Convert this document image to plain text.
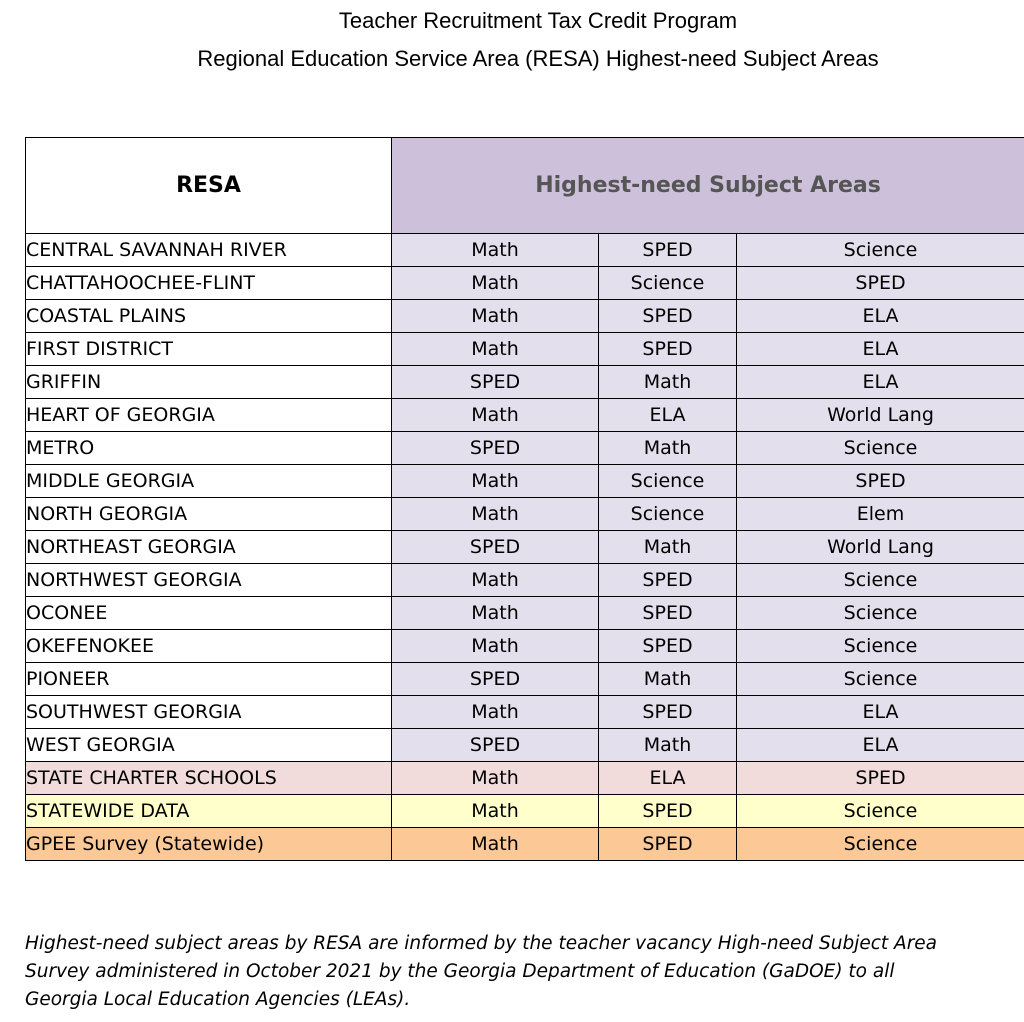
Teacher Recruitment Tax Credit Program
Regional Education Service Area (RESA) Highest-need Subject Areas
RESA	Highest-need Subject Areas		
CENTRAL SAVANNAH RIVER	Math	SPED	Science
CHATTAHOOCHEE-FLINT	Math	Science	SPED
COASTAL PLAINS	Math	SPED	ELA
FIRST DISTRICT	Math	SPED	ELA
GRIFFIN	SPED	Math	ELA
HEART OF GEORGIA	Math	ELA	World Lang
METRO	SPED	Math	Science
MIDDLE GEORGIA	Math	Science	SPED
NORTH GEORGIA	Math	Science	Elem
NORTHEAST GEORGIA	SPED	Math	World Lang
NORTHWEST GEORGIA	Math	SPED	Science
OCONEE	Math	SPED	Science
OKEFENOKEE	Math	SPED	Science
PIONEER	SPED	Math	Science
SOUTHWEST GEORGIA	Math	SPED	ELA
WEST GEORGIA	SPED	Math	ELA
STATE CHARTER SCHOOLS	Math	ELA	SPED
STATEWIDE DATA	Math	SPED	Science
GPEE Survey (Statewide)	Math	SPED	Science

Highest-need subject areas by RESA are informed by the teacher vacancy High-need Subject Area Survey administered in October 2021 by the Georgia Department of Education (GaDOE) to all Georgia Local Education Agencies (LEAs).
